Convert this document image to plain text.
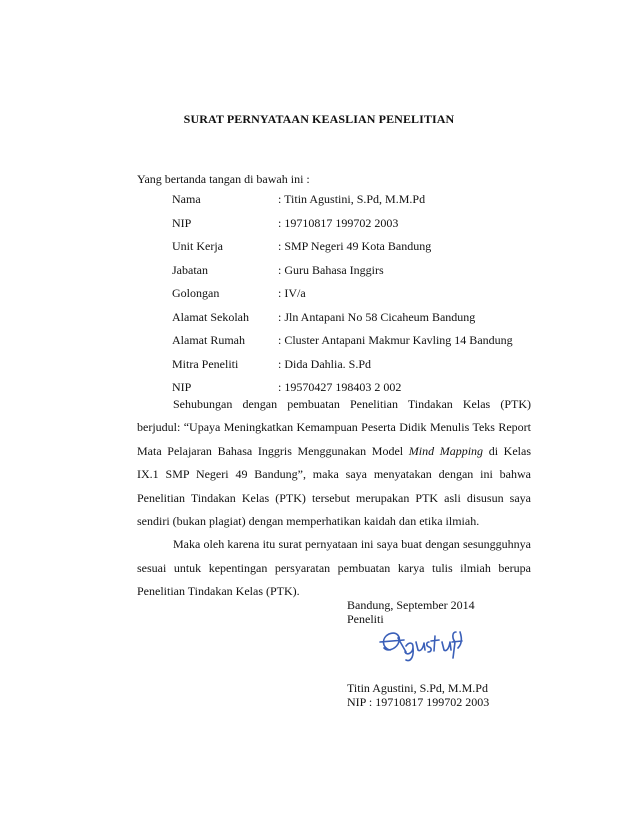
SURAT PERNYATAAN KEASLIAN PENELITIAN
Yang bertanda tangan di bawah ini :
Nama	: Titin Agustini, S.Pd, M.M.Pd
NIP	: 19710817 199702 2003
Unit Kerja	: SMP Negeri 49 Kota Bandung
Jabatan	: Guru Bahasa Inggirs
Golongan	: IV/a
Alamat Sekolah	: Jln Antapani No 58 Cicaheum Bandung
Alamat Rumah	: Cluster Antapani Makmur Kavling 14 Bandung
Mitra Peneliti	: Dida Dahlia. S.Pd
NIP	: 19570427 198403 2 002

Sehubungan dengan pembuatan Penelitian Tindakan Kelas (PTK) berjudul: “Upaya Meningkatkan Kemampuan Peserta Didik Menulis Teks Report Mata Pelajaran Bahasa Inggris Menggunakan Model Mind Mapping di Kelas IX.1 SMP Negeri 49 Bandung”, maka saya menyatakan dengan ini bahwa Penelitian Tindakan Kelas (PTK) tersebut merupakan PTK asli disusun saya sendiri (bukan plagiat) dengan memperhatikan kaidah dan etika ilmiah.

Maka oleh karena itu surat pernyataan ini saya buat dengan sesungguhnya sesuai untuk kepentingan persyaratan pembuatan karya tulis ilmiah berupa Penelitian Tindakan Kelas (PTK).

Bandung, September 2014
Peneliti
Titin Agustini, S.Pd, M.M.Pd
NIP : 19710817 199702 2003
